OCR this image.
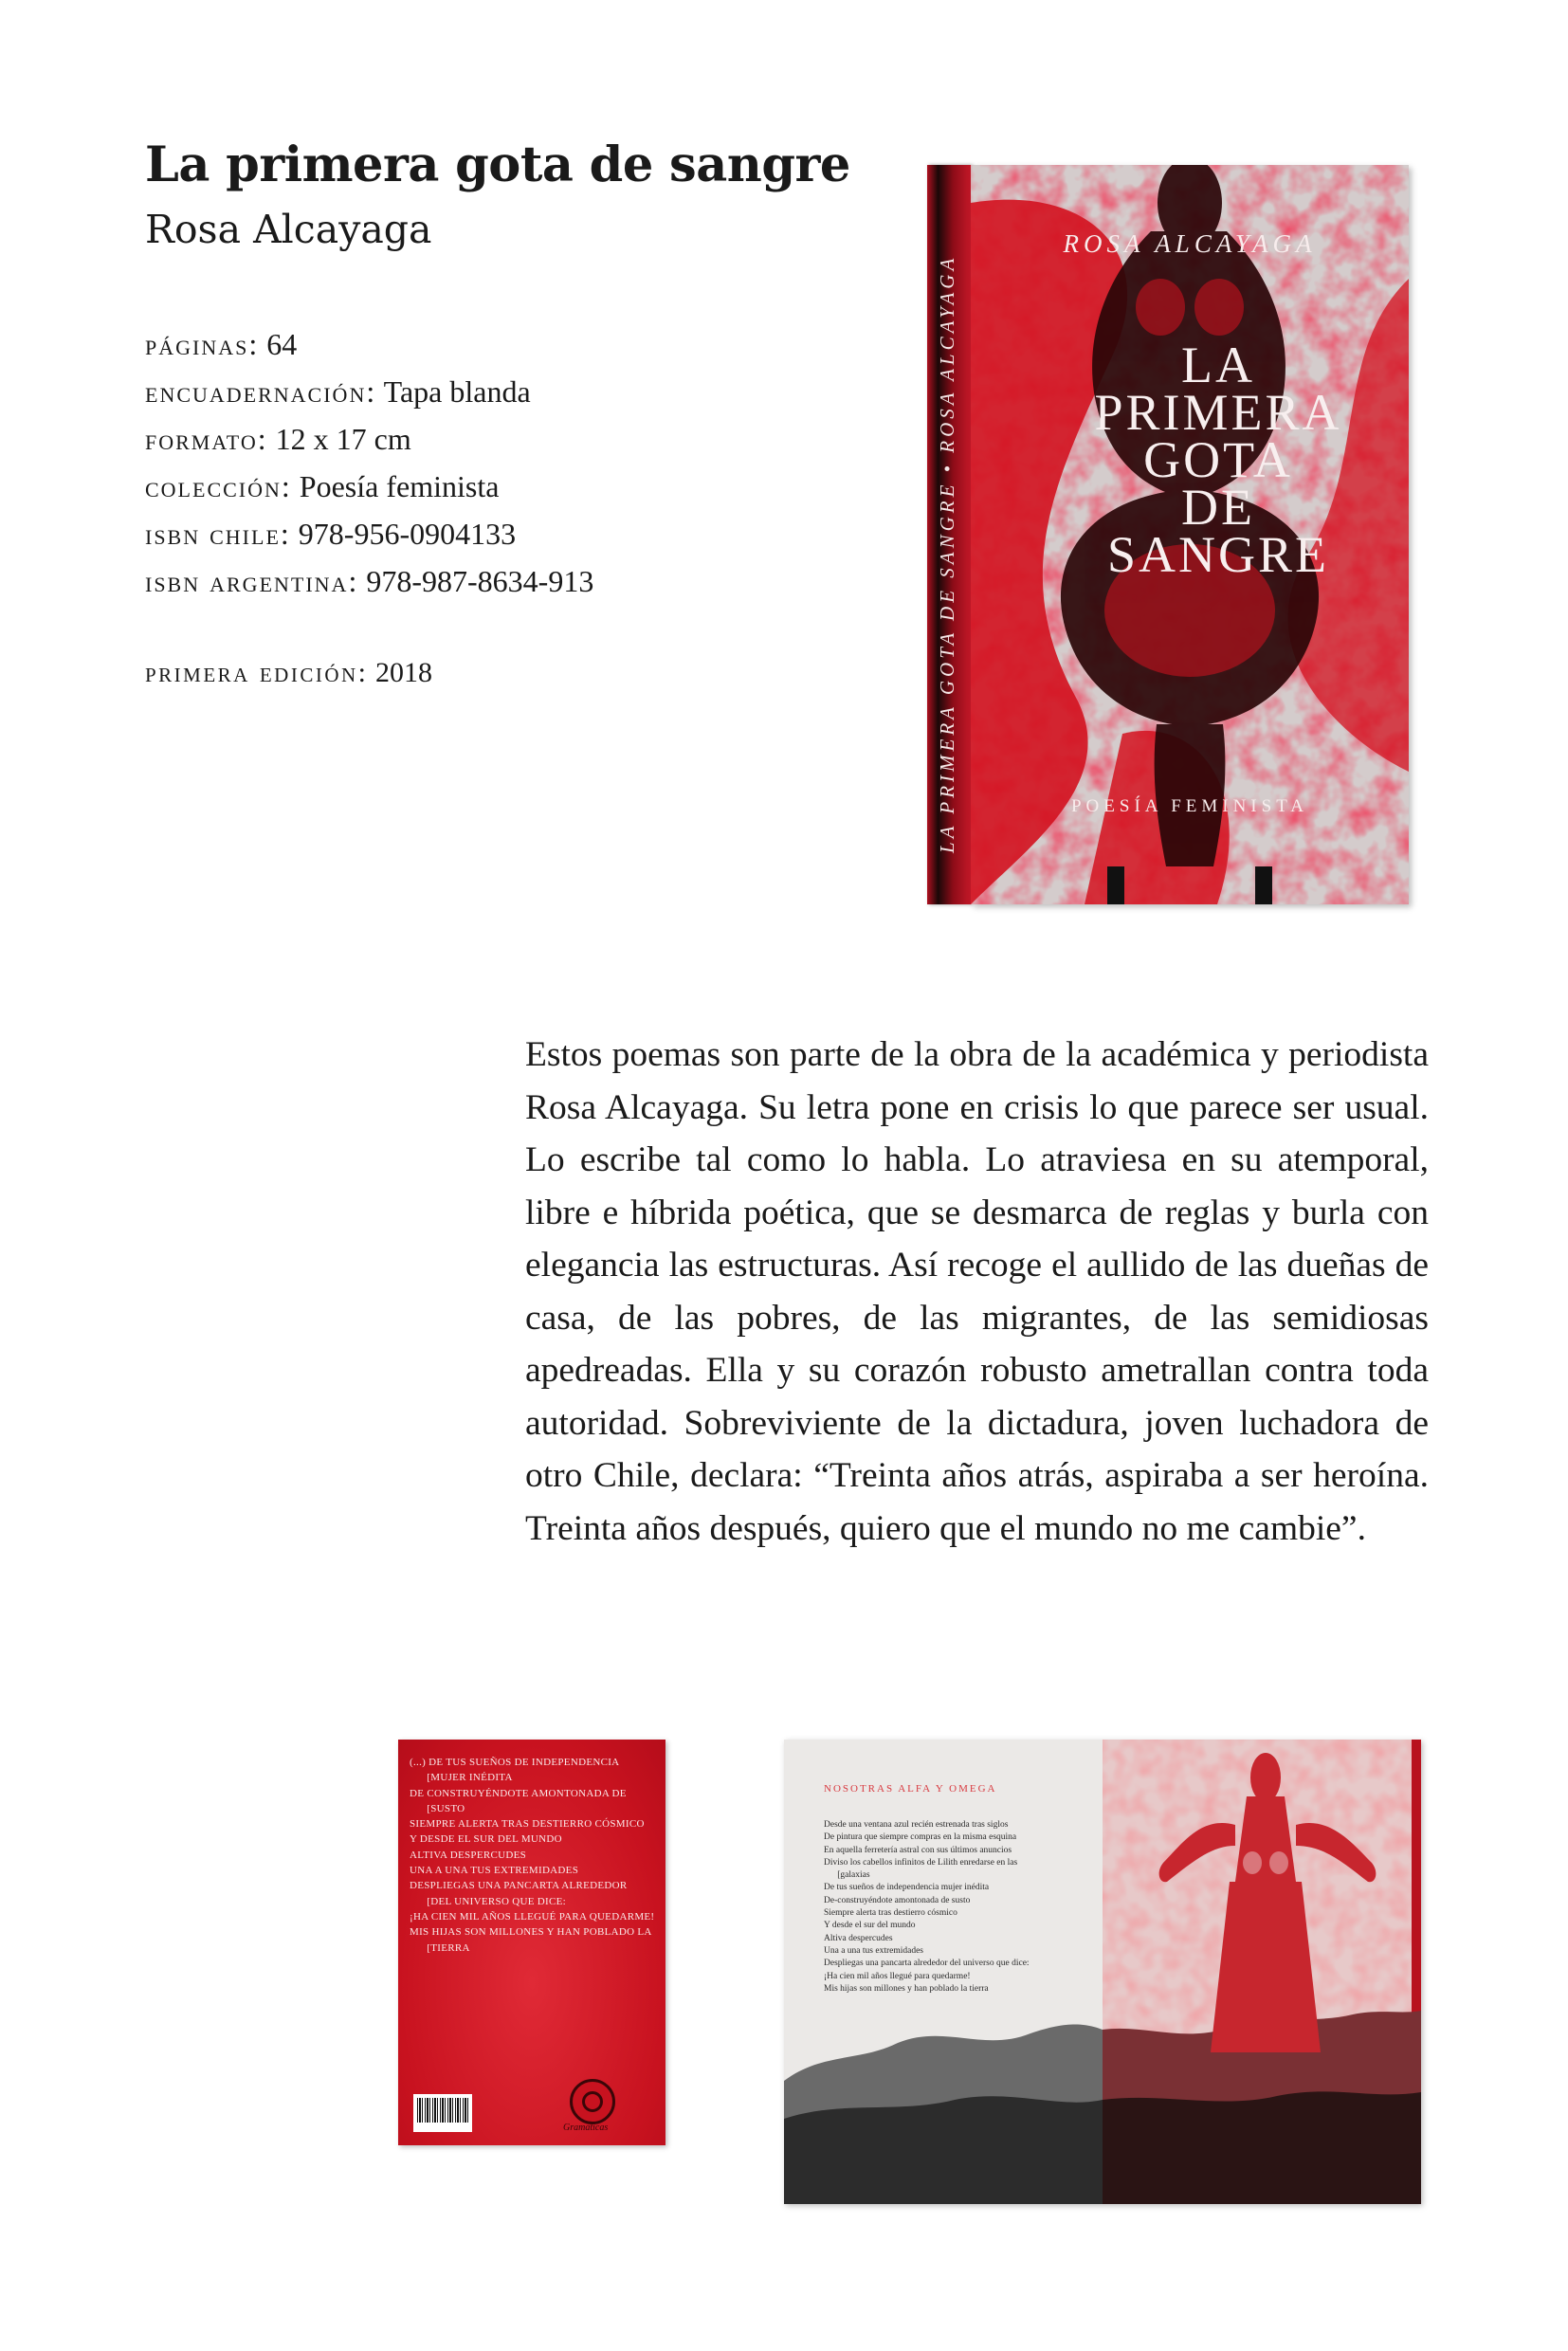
La primera gota de sangre
Rosa Alcayaga
páginas: 64
encuadernación: Tapa blanda
formato: 12 x 17 cm
colección: Poesía feminista
isbn chile: 978-956-0904133
isbn argentina: 978-987-8634-913

primera edición: 2018	LA PRIMERA GOTA DE SANGRE • ROSA ALCAYAGA
ROSA ALCAYAGA
LA
PRIMERA
GOTA
DE
SANGRE
POESÍA FEMINISTA

Estos poemas son parte de la obra de la académica y periodista Rosa Alcayaga. Su letra pone en crisis lo que parece ser usual. Lo escribe tal como lo habla. Lo atraviesa en su atemporal, libre e híbrida poética, que se desmarca de reglas y burla con elegancia las estructuras. Así recoge el aullido de las dueñas de casa, de las pobres, de las migrantes, de las semidiosas apedreadas. Ella y su corazón robusto ametrallan contra toda autoridad. Sobreviviente de la dictadura, joven luchadora de otro Chile, declara: “Treinta años atrás, aspiraba a ser heroína. Treinta años después, quiero que el mundo no me cambie”.

(...) DE TUS SUEÑOS DE INDEPENDENCIA
[MUJER INÉDITA
DE CONSTRUYÉNDOTE AMONTONADA DE
[SUSTO
SIEMPRE ALERTA TRAS DESTIERRO CÓSMICO
Y DESDE EL SUR DEL MUNDO
ALTIVA DESPERCUDES
UNA A UNA TUS EXTREMIDADES
DESPLIEGAS UNA PANCARTA ALREDEDOR
[DEL UNIVERSO QUE DICE:
¡HA CIEN MIL AÑOS LLEGUÉ PARA QUEDARME!
MIS HIJAS SON MILLONES Y HAN POBLADO LA
[TIERRA
Gramaticas

NOSOTRAS ALFA Y OMEGA

Desde una ventana azul recién estrenada tras siglos
De pintura que siempre compras en la misma esquina
En aquella ferretería astral con sus últimos anuncios
Diviso los cabellos infinitos de Lilith enredarse en las
[galaxias
De tus sueños de independencia mujer inédita
De-construyéndote amontonada de susto
Siempre alerta tras destierro cósmico
Y desde el sur del mundo
Altiva despercudes
Una a una tus extremidades
Despliegas una pancarta alrededor del universo que dice:
¡Ha cien mil años llegué para quedarme!
Mis hijas son millones y han poblado la tierra
